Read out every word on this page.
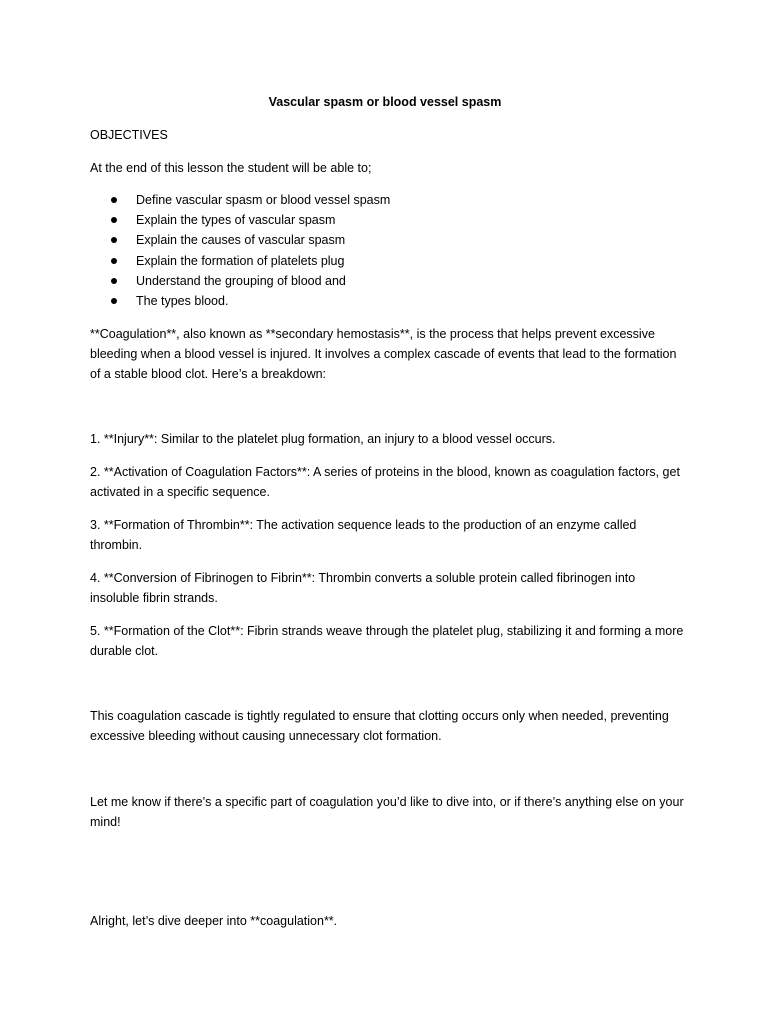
Vascular spasm or blood vessel spasm

OBJECTIVES

At the end of this lesson the student will be able to;

Define vascular spasm or blood vessel spasm
Explain the types of vascular spasm
Explain the causes of vascular spasm
Explain the formation of platelets plug
Understand the grouping of blood and
The types blood.

**Coagulation**, also known as **secondary hemostasis**, is the process that helps prevent excessive bleeding when a blood vessel is injured. It involves a complex cascade of events that lead to the formation of a stable blood clot. Here’s a breakdown:

1. **Injury**: Similar to the platelet plug formation, an injury to a blood vessel occurs.

2. **Activation of Coagulation Factors**: A series of proteins in the blood, known as coagulation factors, get activated in a specific sequence.

3. **Formation of Thrombin**: The activation sequence leads to the production of an enzyme called thrombin.

4. **Conversion of Fibrinogen to Fibrin**: Thrombin converts a soluble protein called fibrinogen into insoluble fibrin strands.

5. **Formation of the Clot**: Fibrin strands weave through the platelet plug, stabilizing it and forming a more durable clot.

This coagulation cascade is tightly regulated to ensure that clotting occurs only when needed, preventing excessive bleeding without causing unnecessary clot formation.

Let me know if there’s a specific part of coagulation you’d like to dive into, or if there’s anything else on your mind!

Alright, let’s dive deeper into **coagulation**.
